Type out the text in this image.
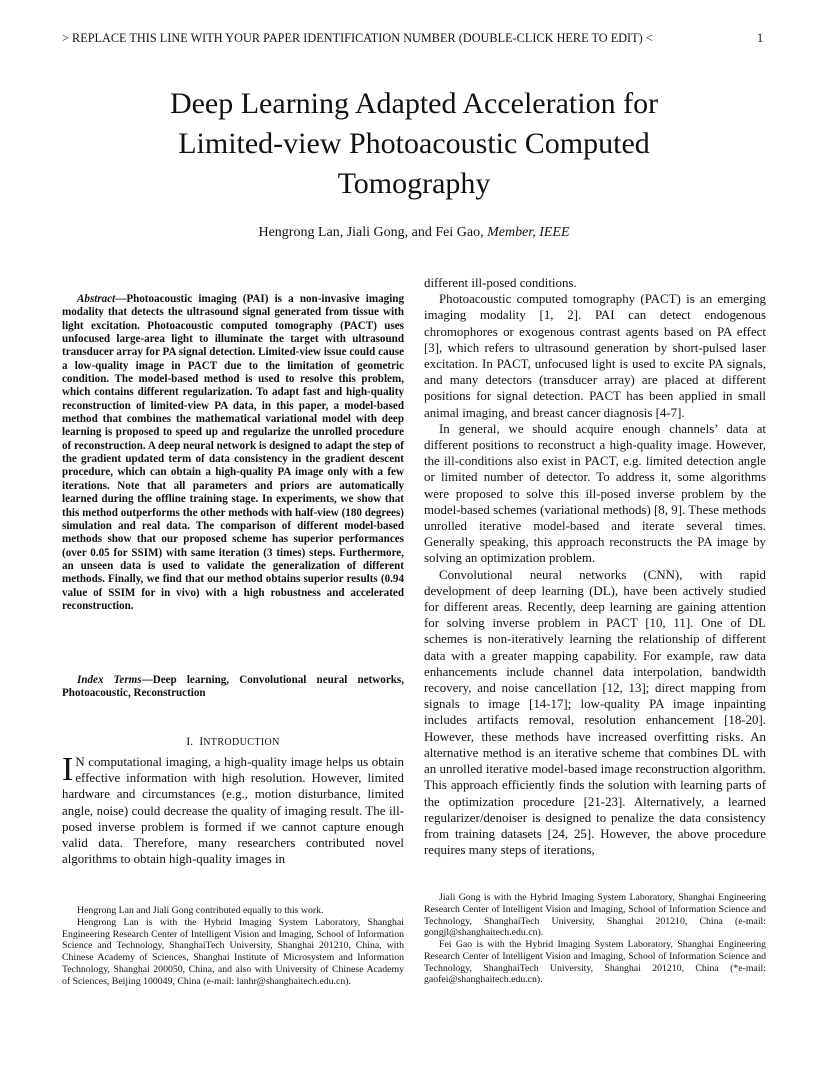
> REPLACE THIS LINE WITH YOUR PAPER IDENTIFICATION NUMBER (DOUBLE-CLICK HERE TO EDIT) <	1
Deep Learning Adapted Acceleration for
Limited-view Photoacoustic Computed
Tomography
Hengrong Lan, Jiali Gong, and Fei Gao, Member, IEEE
Abstract—Photoacoustic imaging (PAI) is a non-invasive imaging modality that detects the ultrasound signal generated from tissue with light excitation. Photoacoustic computed tomography (PACT) uses unfocused large-area light to illuminate the target with ultrasound transducer array for PA signal detection. Limited-view issue could cause a low-quality image in PACT due to the limitation of geometric condition. The model-based method is used to resolve this problem, which contains different regularization. To adapt fast and high-quality reconstruction of limited-view PA data, in this paper, a model-based method that combines the mathematical variational model with deep learning is proposed to speed up and regularize the unrolled procedure of reconstruction. A deep neural network is designed to adapt the step of the gradient updated term of data consistency in the gradient descent procedure, which can obtain a high-quality PA image only with a few iterations. Note that all parameters and priors are automatically learned during the offline training stage. In experiments, we show that this method outperforms the other methods with half-view (180 degrees) simulation and real data. The comparison of different model-based methods show that our proposed scheme has superior performances (over 0.05 for SSIM) with same iteration (3 times) steps. Furthermore, an unseen data is used to validate the generalization of different methods. Finally, we find that our method obtains superior results (0.94 value of SSIM for in vivo) with a high robustness and accelerated reconstruction.
Index Terms—Deep learning, Convolutional neural networks, Photoacoustic, Reconstruction
I. INTRODUCTION
I N computational imaging, a high-quality image helps us obtain effective information with high resolution. However, limited hardware and circumstances (e.g., motion disturbance, limited angle, noise) could decrease the quality of imaging result. The ill-posed inverse problem is formed if we cannot capture enough valid data. Therefore, many researchers contributed novel algorithms to obtain high-quality images in

different ill-posed conditions.

Photoacoustic computed tomography (PACT) is an emerging imaging modality [1, 2]. PAI can detect endogenous chromophores or exogenous contrast agents based on PA effect [3], which refers to ultrasound generation by short-pulsed laser excitation. In PACT, unfocused light is used to excite PA signals, and many detectors (transducer array) are placed at different positions for signal detection. PACT has been applied in small animal imaging, and breast cancer diagnosis [4-7].

In general, we should acquire enough channels’ data at different positions to reconstruct a high-quality image. However, the ill-conditions also exist in PACT, e.g. limited detection angle or limited number of detector. To address it, some algorithms were proposed to solve this ill-posed inverse problem by the model-based schemes (variational methods) [8, 9]. These methods unrolled iterative model-based and iterate several times. Generally speaking, this approach reconstructs the PA image by solving an optimization problem.

Convolutional neural networks (CNN), with rapid development of deep learning (DL), have been actively studied for different areas. Recently, deep learning are gaining attention for solving inverse problem in PACT [10, 11]. One of DL schemes is non-iteratively learning the relationship of different data with a greater mapping capability. For example, raw data enhancements include channel data interpolation, bandwidth recovery, and noise cancellation [12, 13]; direct mapping from signals to image [14-17]; low-quality PA image inpainting includes artifacts removal, resolution enhancement [18-20]. However, these methods have increased overfitting risks. An alternative method is an iterative scheme that combines DL with an unrolled iterative model-based image reconstruction algorithm. This approach efficiently finds the solution with learning parts of the optimization procedure [21-23]. Alternatively, a learned regularizer/denoiser is designed to penalize the data consistency from training datasets [24, 25]. However, the above procedure requires many steps of iterations,

Hengrong Lan and Jiali Gong contributed equally to this work.

Hengrong Lan is with the Hybrid Imaging System Laboratory, Shanghai Engineering Research Center of Intelligent Vision and Imaging, School of Information Science and Technology, ShanghaiTech University, Shanghai 201210, China, with Chinese Academy of Sciences, Shanghai Institute of Microsystem and Information Technology, Shanghai 200050, China, and also with University of Chinese Academy of Sciences, Beijing 100049, China (e-mail: lanhr@shanghaitech.edu.cn).

Jiali Gong is with the Hybrid Imaging System Laboratory, Shanghai Engineering Research Center of Intelligent Vision and Imaging, School of Information Science and Technology, ShanghaiTech University, Shanghai 201210, China (e-mail: gongjl@shanghaitech.edu.cn).

Fei Gao is with the Hybrid Imaging System Laboratory, Shanghai Engineering Research Center of Intelligent Vision and Imaging, School of Information Science and Technology, ShanghaiTech University, Shanghai 201210, China (*e-mail: gaofei@shanghaitech.edu.cn).
